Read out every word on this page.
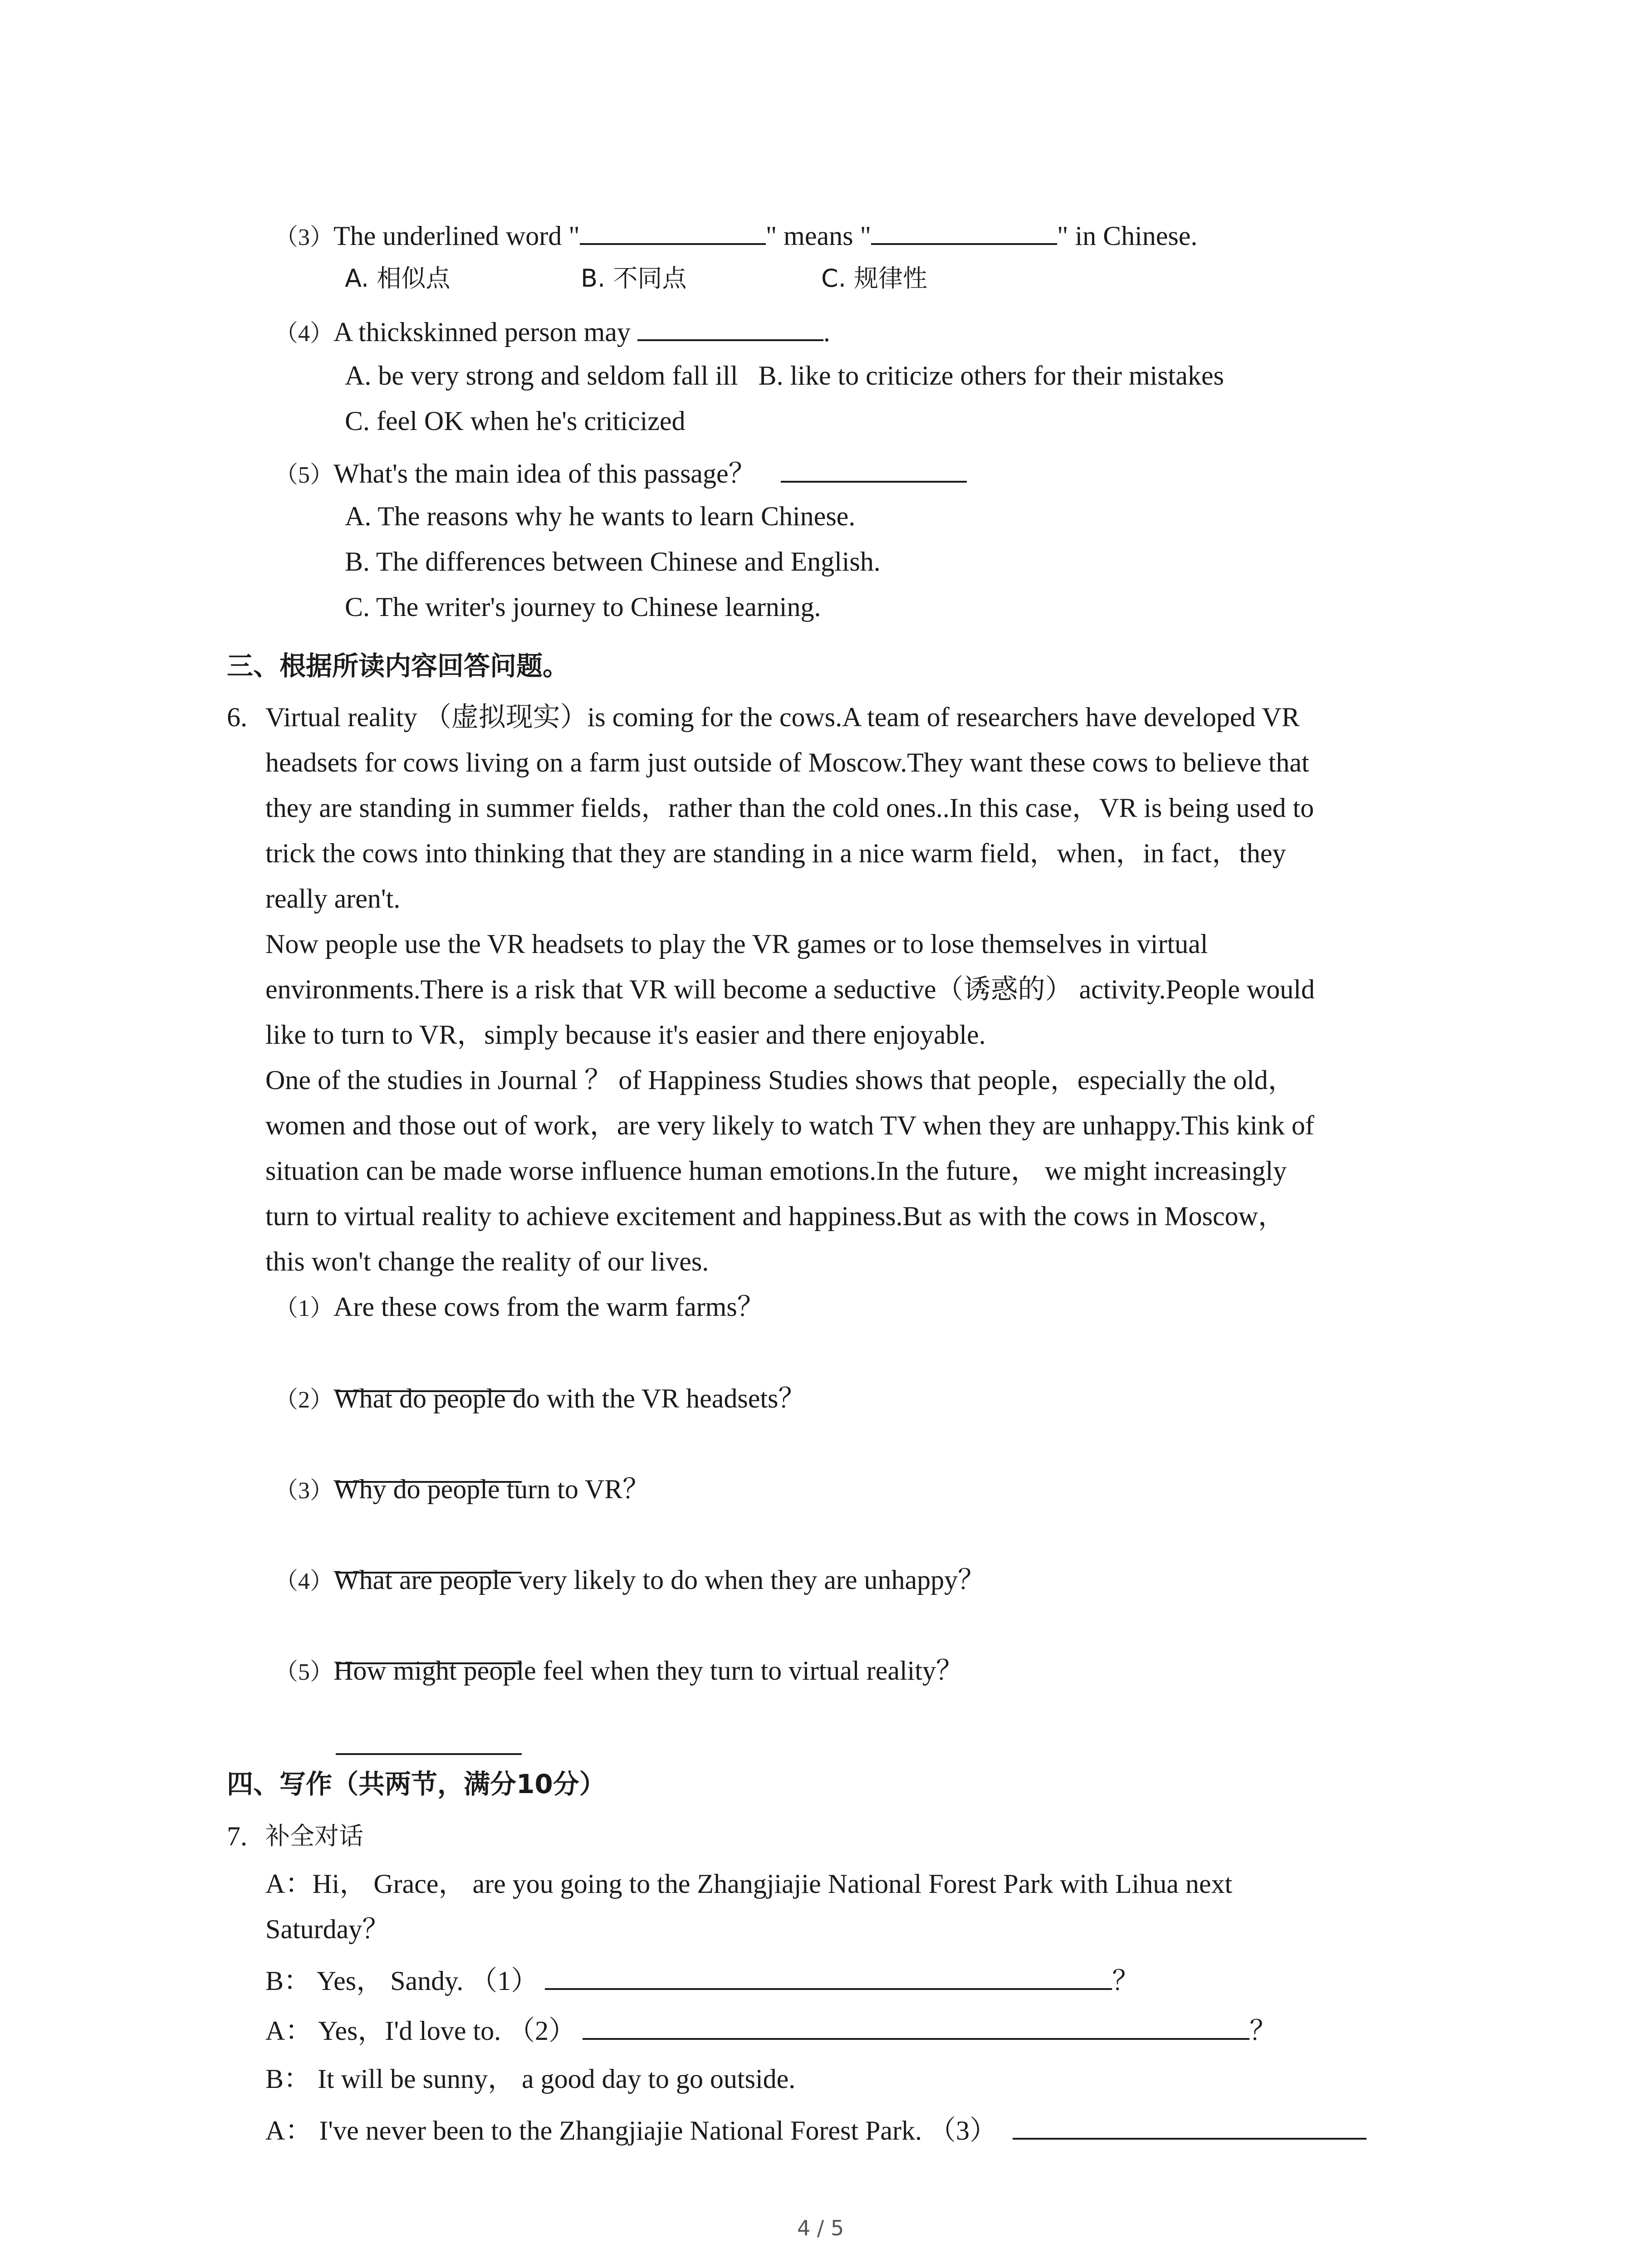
（3）The underlined word "	" means "	" in Chinese.
A. 相似点	B. 不同点	C. 规律性
（4）A thickskinned person may	.
A. be very strong and seldom fall ill   B. like to criticize others for their mistakes
C. feel OK when he's criticized
（5）What's the main idea of this passage？
A. The reasons why he wants to learn Chinese.
B. The differences between Chinese and English.
C. The writer's journey to Chinese learning.
三、根据所读内容回答问题。
6. Virtual reality （虚拟现实）is coming for the cows.A team of researchers have developed VR
headsets for cows living on a farm just outside of Moscow.They want these cows to believe that
they are standing in summer fields，rather than the cold ones..In this case，VR is being used to
trick the cows into thinking that they are standing in a nice warm field，when，in fact，they
really aren't.
Now people use the VR headsets to play the VR games or to lose themselves in virtual
environments.There is a risk that VR will become a seductive（诱惑的） activity.People would
like to turn to VR，simply because it's easier and there enjoyable.
One of the studies in Journal ？ of Happiness Studies shows that people，especially the old，
women and those out of work，are very likely to watch TV when they are unhappy.This kink of
situation can be made worse influence human emotions.In the future， we might increasingly
turn to virtual reality to achieve excitement and happiness.But as with the cows in Moscow，
this won't change the reality of our lives.
（1）Are these cows from the warm farms？
（2）What do people do with the VR headsets？
（3）Why do people turn to VR？
（4）What are people very likely to do when they are unhappy？
（5）How might people feel when they turn to virtual reality？
四、写作（共两节，满分10分）
7. 补全对话
A：Hi， Grace， are you going to the Zhangjiajie National Forest Park with Lihua next
Saturday？
B： Yes， Sandy. （1）	？
A： Yes，I'd love to. （2）	？
B： It will be sunny， a good day to go outside.
A： I've never been to the Zhangjiajie National Forest Park. （3）
4 / 5
